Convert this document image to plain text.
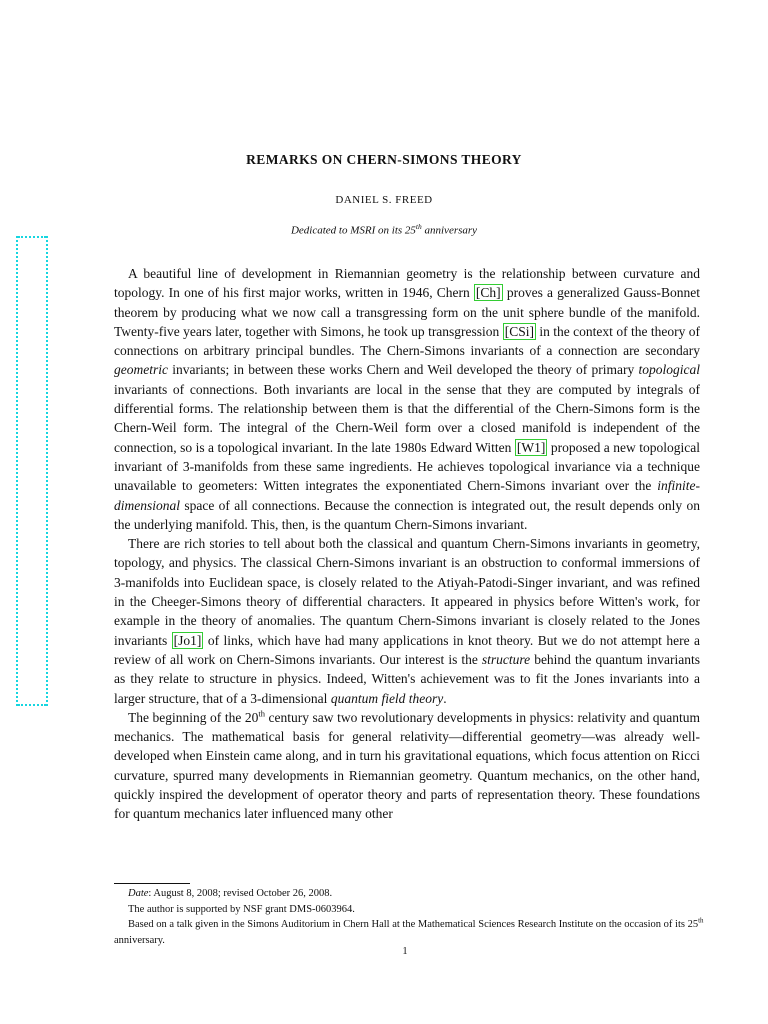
REMARKS ON CHERN-SIMONS THEORY
DANIEL S. FREED
Dedicated to MSRI on its 25th anniversary

A beautiful line of development in Riemannian geometry is the relationship between curvature and topology. In one of his first major works, written in 1946, Chern [Ch] proves a generalized Gauss-Bonnet theorem by producing what we now call a transgressing form on the unit sphere bundle of the manifold. Twenty-five years later, together with Simons, he took up transgression [CSi] in the context of the theory of connections on arbitrary principal bundles. The Chern-Simons invariants of a connection are secondary geometric invariants; in between these works Chern and Weil developed the theory of primary topological invariants of connections. Both invariants are local in the sense that they are computed by integrals of differential forms. The relationship between them is that the differential of the Chern-Simons form is the Chern-Weil form. The integral of the Chern-Weil form over a closed manifold is independent of the connection, so is a topological invariant. In the late 1980s Edward Witten [W1] proposed a new topological invariant of 3-manifolds from these same ingredients. He achieves topological invariance via a technique unavailable to geometers: Witten integrates the exponentiated Chern-Simons invariant over the infinite-dimensional space of all connections. Because the connection is integrated out, the result depends only on the underlying manifold. This, then, is the quantum Chern-Simons invariant.

There are rich stories to tell about both the classical and quantum Chern-Simons invariants in geometry, topology, and physics. The classical Chern-Simons invariant is an obstruction to conformal immersions of 3-manifolds into Euclidean space, is closely related to the Atiyah-Patodi-Singer invariant, and was refined in the Cheeger-Simons theory of differential characters. It appeared in physics before Witten's work, for example in the theory of anomalies. The quantum Chern-Simons invariant is closely related to the Jones invariants [Jo1] of links, which have had many applications in knot theory. But we do not attempt here a review of all work on Chern-Simons invariants. Our interest is the structure behind the quantum invariants as they relate to structure in physics. Indeed, Witten's achievement was to fit the Jones invariants into a larger structure, that of a 3-dimensional quantum field theory.

The beginning of the 20th century saw two revolutionary developments in physics: relativity and quantum mechanics. The mathematical basis for general relativity—differential geometry—was already well-developed when Einstein came along, and in turn his gravitational equations, which focus attention on Ricci curvature, spurred many developments in Riemannian geometry. Quantum mechanics, on the other hand, quickly inspired the development of operator theory and parts of representation theory. These foundations for quantum mechanics later influenced many other

Date: August 8, 2008; revised October 26, 2008.
The author is supported by NSF grant DMS-0603964.
Based on a talk given in the Simons Auditorium in Chern Hall at the Mathematical Sciences Research Institute on the occasion of its 25th anniversary.
1
